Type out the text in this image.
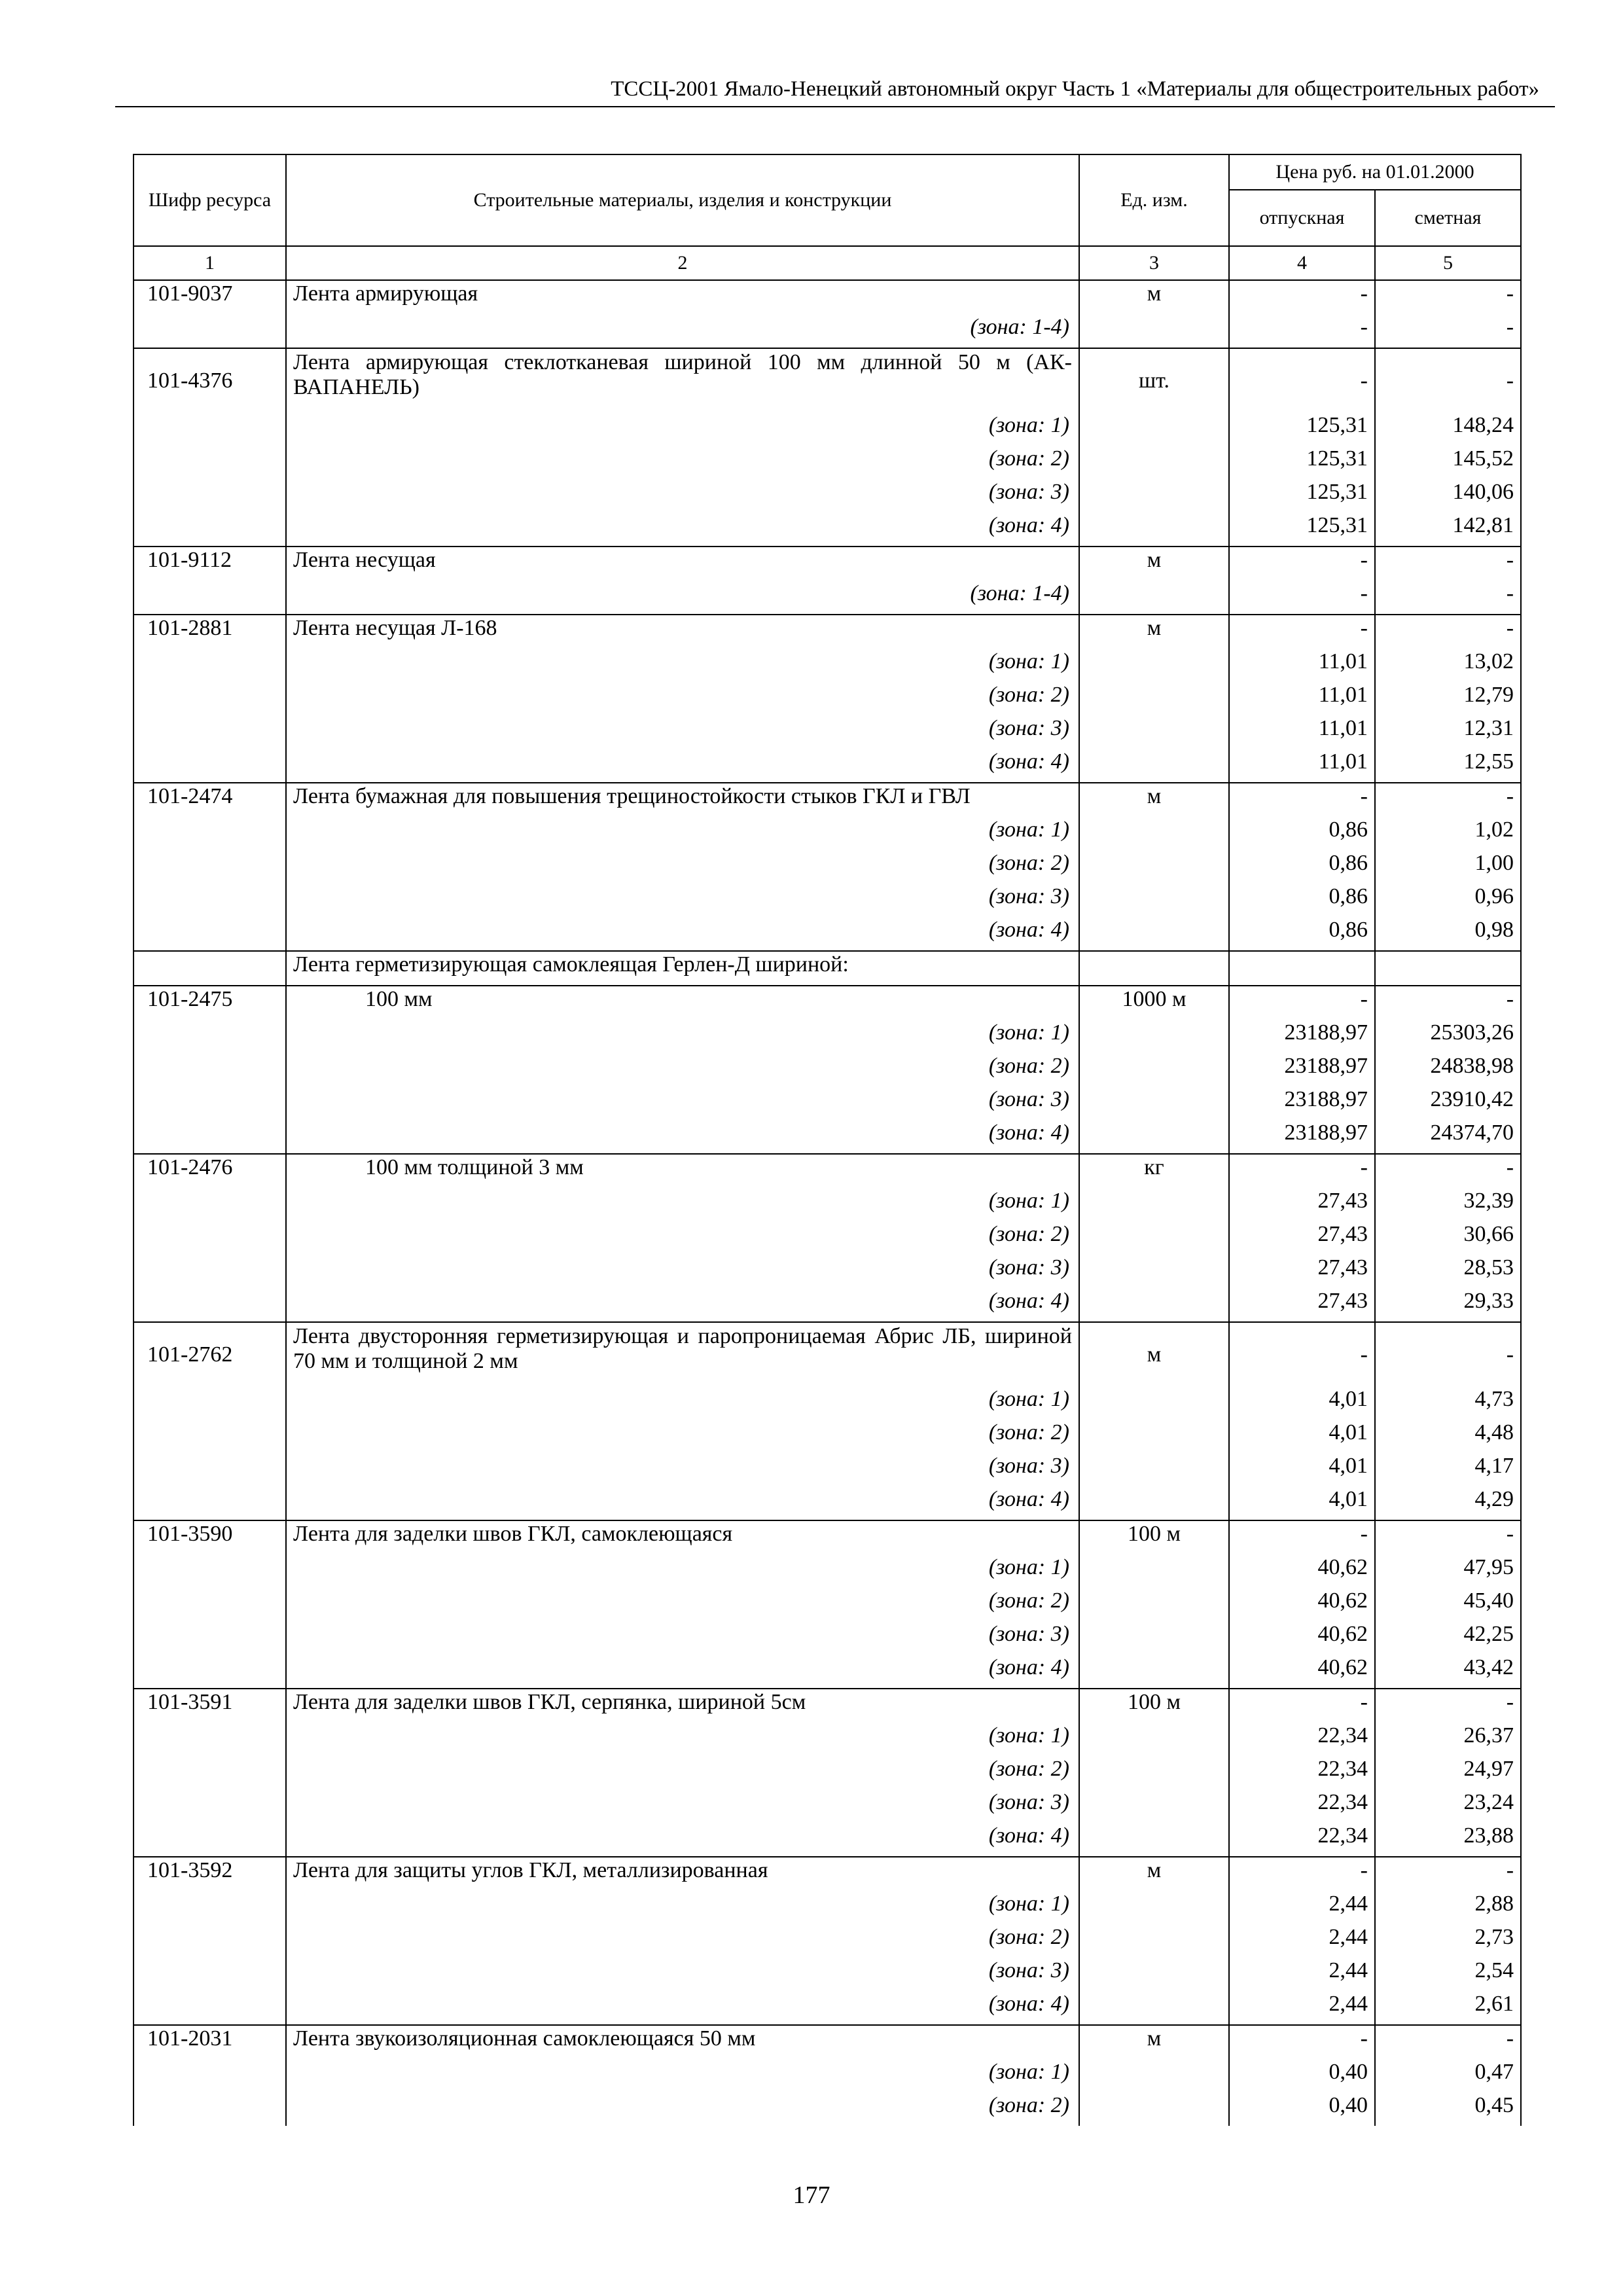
ТССЦ-2001 Ямало-Ненецкий автономный округ Часть 1 «Материалы для общестроительных работ»
Шифр ресурса	Строительные материалы, изделия и конструкции	Ед. изм.	Цена руб. на 01.01.2000	
			отпускная	сметная
1	2	3	4	5
101-9037	Лента армирующая	м	-	-
	(зона: 1-4)		-	-
101-4376	Лента армирующая стеклотканевая шириной 100 мм длинной 50 м (АК-ВАПАНЕЛЬ)	шт.	-	-
	(зона: 1)		125,31	148,24
	(зона: 2)		125,31	145,52
	(зона: 3)		125,31	140,06
	(зона: 4)		125,31	142,81
101-9112	Лента несущая	м	-	-
	(зона: 1-4)		-	-
101-2881	Лента несущая Л-168	м	-	-
	(зона: 1)		11,01	13,02
	(зона: 2)		11,01	12,79
	(зона: 3)		11,01	12,31
	(зона: 4)		11,01	12,55
101-2474	Лента бумажная для повышения трещиностойкости стыков ГКЛ и ГВЛ	м	-	-
	(зона: 1)		0,86	1,02
	(зона: 2)		0,86	1,00
	(зона: 3)		0,86	0,96
	(зона: 4)		0,86	0,98
	Лента герметизирующая самоклеящая Герлен-Д шириной:			
101-2475	100 мм	1000 м	-	-
	(зона: 1)		23188,97	25303,26
	(зона: 2)		23188,97	24838,98
	(зона: 3)		23188,97	23910,42
	(зона: 4)		23188,97	24374,70
101-2476	100 мм толщиной 3 мм	кг	-	-
	(зона: 1)		27,43	32,39
	(зона: 2)		27,43	30,66
	(зона: 3)		27,43	28,53
	(зона: 4)		27,43	29,33
101-2762	Лента двусторонняя герметизирующая и паропроницаемая Абрис ЛБ, шириной 70 мм и толщиной 2 мм	м	-	-
	(зона: 1)		4,01	4,73
	(зона: 2)		4,01	4,48
	(зона: 3)		4,01	4,17
	(зона: 4)		4,01	4,29
101-3590	Лента для заделки швов ГКЛ, самоклеющаяся	100 м	-	-
	(зона: 1)		40,62	47,95
	(зона: 2)		40,62	45,40
	(зона: 3)		40,62	42,25
	(зона: 4)		40,62	43,42
101-3591	Лента для заделки швов ГКЛ, серпянка, шириной 5см	100 м	-	-
	(зона: 1)		22,34	26,37
	(зона: 2)		22,34	24,97
	(зона: 3)		22,34	23,24
	(зона: 4)		22,34	23,88
101-3592	Лента для защиты углов ГКЛ, металлизированная	м	-	-
	(зона: 1)		2,44	2,88
	(зона: 2)		2,44	2,73
	(зона: 3)		2,44	2,54
	(зона: 4)		2,44	2,61
101-2031	Лента звукоизоляционная самоклеющаяся 50 мм	м	-	-
	(зона: 1)		0,40	0,47
	(зона: 2)		0,40	0,45
177
